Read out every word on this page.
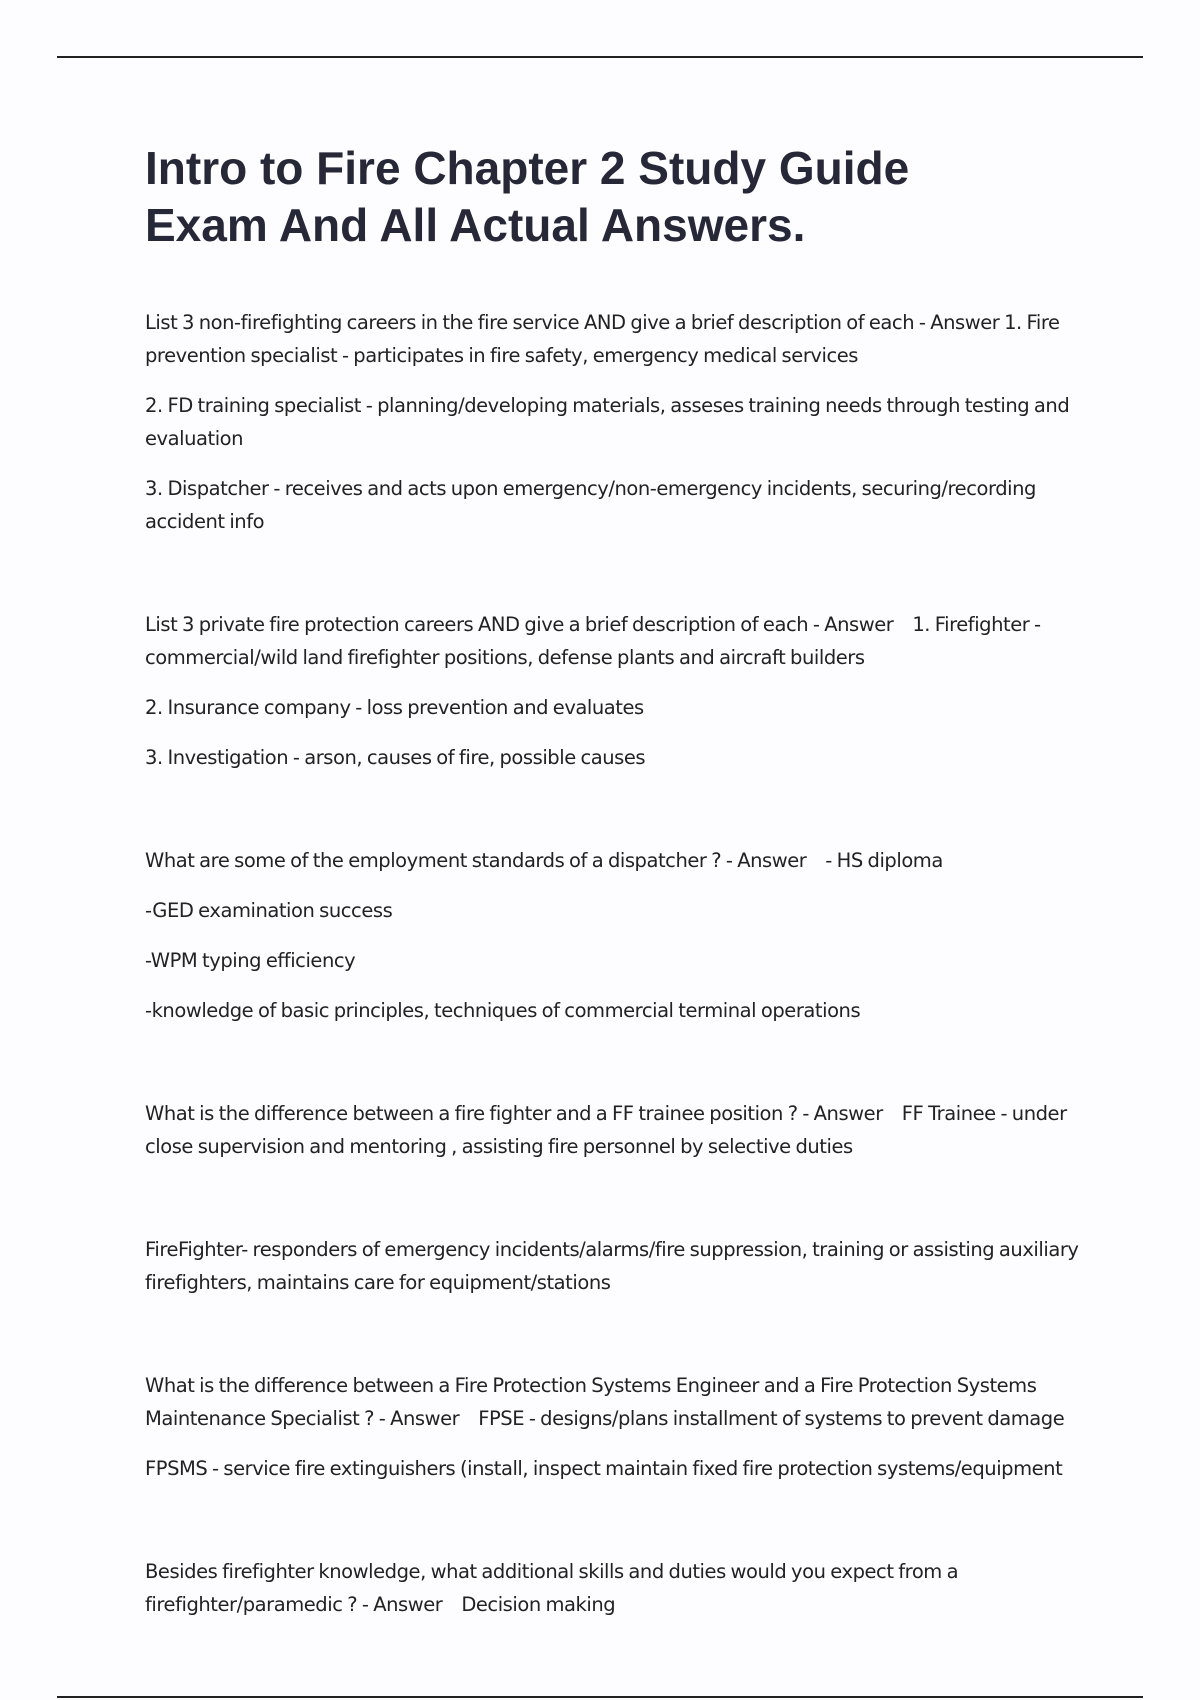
Intro to Fire Chapter 2 Study Guide
Exam And All Actual Answers.

List 3 non-firefighting careers in the fire service AND give a brief description of each - Answer 1. Fire prevention specialist - participates in fire safety, emergency medical services

2. FD training specialist - planning/developing materials, asseses training needs through testing and evaluation

3. Dispatcher - receives and acts upon emergency/non-emergency incidents, securing/recording accident info

List 3 private fire protection careers AND give a brief description of each - Answer    1. Firefighter - commercial/wild land firefighter positions, defense plants and aircraft builders

2. Insurance company - loss prevention and evaluates

3. Investigation - arson, causes of fire, possible causes

What are some of the employment standards of a dispatcher ? - Answer    - HS diploma

-GED examination success

-WPM typing efficiency

-knowledge of basic principles, techniques of commercial terminal operations

What is the difference between a fire fighter and a FF trainee position ? - Answer    FF Trainee - under close supervision and mentoring , assisting fire personnel by selective duties

FireFighter- responders of emergency incidents/alarms/fire suppression, training or assisting auxiliary firefighters, maintains care for equipment/stations

What is the difference between a Fire Protection Systems Engineer and a Fire Protection Systems Maintenance Specialist ? - Answer    FPSE - designs/plans installment of systems to prevent damage

FPSMS - service fire extinguishers (install, inspect maintain fixed fire protection systems/equipment

Besides firefighter knowledge, what additional skills and duties would you expect from a firefighter/paramedic ? - Answer    Decision making
